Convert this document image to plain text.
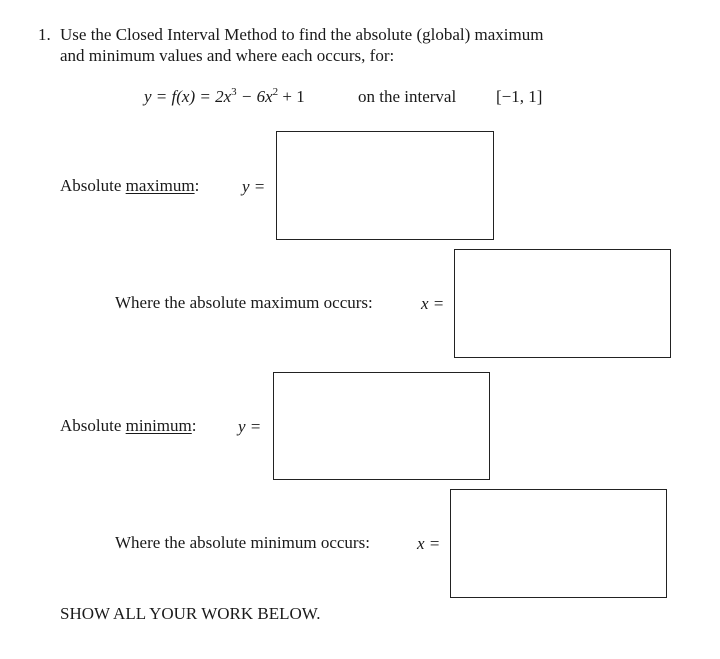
1. Use the Closed Interval Method to find the absolute (global) maximum
and minimum values and where each occurs, for:
$y = f(x) = 2x^3 - 6x^2 + 1$	on the interval [−1, 1]
Absolute maximum:	y =
Where the absolute maximum occurs:	x =
Absolute minimum: y =
Where the absolute minimum occurs:	x =
SHOW ALL YOUR WORK BELOW.
